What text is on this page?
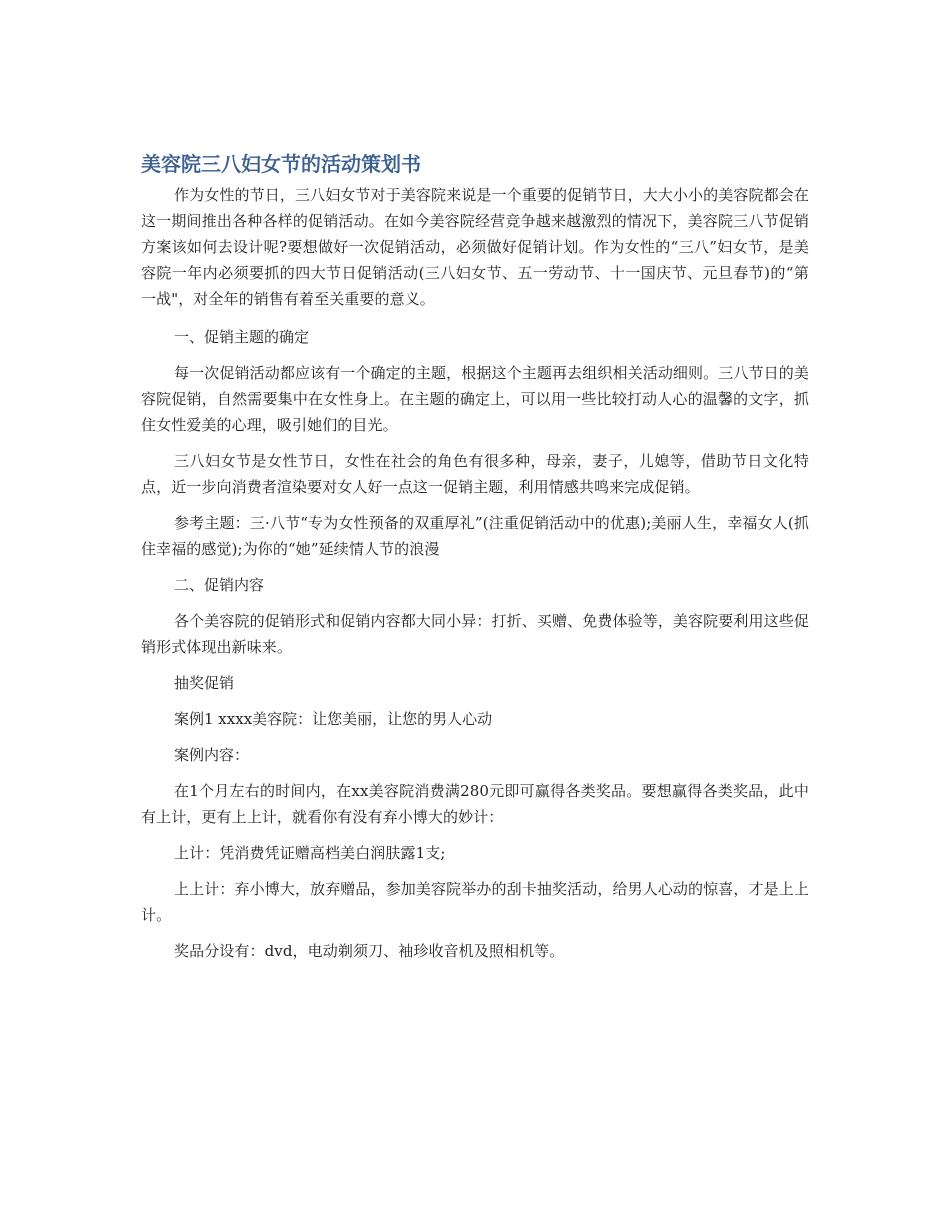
美容院三八妇女节的活动策划书

作为女性的节日，三八妇女节对于美容院来说是一个重要的促销节日，大大小小的美容院都会在这一期间推出各种各样的促销活动。在如今美容院经营竞争越来越激烈的情况下，美容院三八节促销方案该如何去设计呢?要想做好一次促销活动，必须做好促销计划。作为女性的“三八”妇女节，是美容院一年内必须要抓的四大节日促销活动(三八妇女节、五一劳动节、十一国庆节、元旦春节)的“第一战"，对全年的销售有着至关重要的意义。

一、促销主题的确定

每一次促销活动都应该有一个确定的主题，根据这个主题再去组织相关活动细则。三八节日的美容院促销，自然需要集中在女性身上。在主题的确定上，可以用一些比较打动人心的温馨的文字，抓住女性爱美的心理，吸引她们的目光。

三八妇女节是女性节日，女性在社会的角色有很多种，母亲，妻子，儿媳等，借助节日文化特点，近一步向消费者渲染要对女人好一点这一促销主题，利用情感共鸣来完成促销。

参考主题：三·八节“专为女性预备的双重厚礼”(注重促销活动中的优惠);美丽人生，幸福女人(抓住幸福的感觉);为你的“她”延续情人节的浪漫

二、促销内容

各个美容院的促销形式和促销内容都大同小异：打折、买赠、免费体验等，美容院要利用这些促销形式体现出新味来。

抽奖促销

案例1 xxxx美容院：让您美丽，让您的男人心动

案例内容：

在1个月左右的时间内，在xx美容院消费满280元即可赢得各类奖品。要想赢得各类奖品，此中有上计，更有上上计，就看你有没有弃小博大的妙计：

上计：凭消费凭证赠高档美白润肤露1支;

上上计：弃小博大，放弃赠品，参加美容院举办的刮卡抽奖活动，给男人心动的惊喜，才是上上计。

奖品分设有：dvd，电动剃须刀、袖珍收音机及照相机等。
